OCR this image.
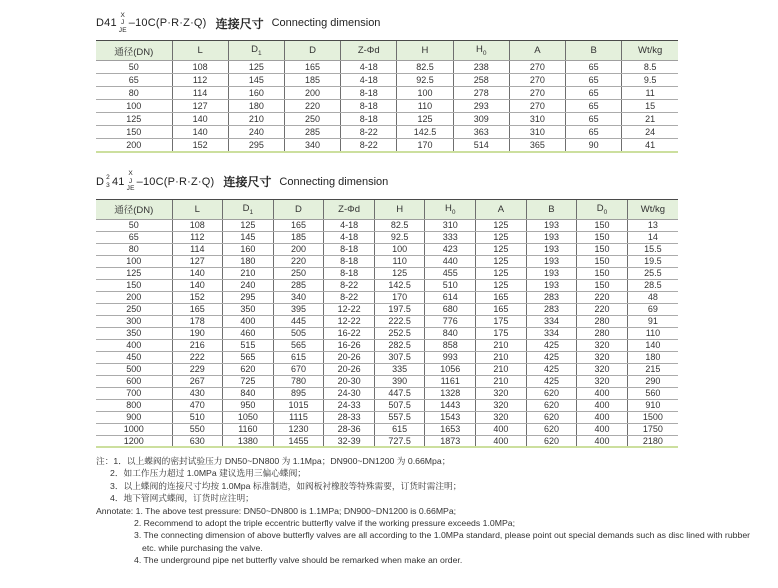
D41
X
J
JE
–10C(P·R·Z·Q) 连接尺寸 Connecting dimension
通径(DN)	L	$D_1$	D	Z-Φd	H	$H_0$	A	B	Wt/kg
50	108	125	165	4-18	82.5	238	270	65	8.5
65	112	145	185	4-18	92.5	258	270	65	9.5
80	114	160	200	8-18	100	278	270	65	11
100	127	180	220	8-18	110	293	270	65	15
125	140	210	250	8-18	125	309	310	65	21
150	140	240	285	8-22	142.5	363	310	65	24
200	152	295	340	8-22	170	514	365	90	41
D 2
3 41
X
J
JE
–10C(P·R·Z·Q) 连接尺寸 Connecting dimension
通径(DN)	L	$D_1$	D	Z-Φd	H	$H_0$	A	B	$D_0$	Wt/kg
50	108	125	165	4-18	82.5	310	125	193	150	13
65	112	145	185	4-18	92.5	333	125	193	150	14
80	114	160	200	8-18	100	423	125	193	150	15.5
100	127	180	220	8-18	110	440	125	193	150	19.5
125	140	210	250	8-18	125	455	125	193	150	25.5
150	140	240	285	8-22	142.5	510	125	193	150	28.5
200	152	295	340	8-22	170	614	165	283	220	48
250	165	350	395	12-22	197.5	680	165	283	220	69
300	178	400	445	12-22	222.5	776	175	334	280	91
350	190	460	505	16-22	252.5	840	175	334	280	110
400	216	515	565	16-26	282.5	858	210	425	320	140
450	222	565	615	20-26	307.5	993	210	425	320	180
500	229	620	670	20-26	335	1056	210	425	320	215
600	267	725	780	20-30	390	1161	210	425	320	290
700	430	840	895	24-30	447.5	1328	320	620	400	560
800	470	950	1015	24-33	507.5	1443	320	620	400	910
900	510	1050	1115	28-33	557.5	1543	320	620	400	1500
1000	550	1160	1230	28-36	615	1653	400	620	400	1750
1200	630	1380	1455	32-39	727.5	1873	400	620	400	2180
注：1．以上蝶阀的密封试验压力 DN50~DN800 为 1.1Mpa；DN900~DN1200 为 0.66Mpa；
2．如工作压力超过 1.0MPa 建议选用三偏心蝶阀；
3．以上蝶阀的连接尺寸均按 1.0Mpa 标准制造，如阀板衬橡胶等特殊需要，订货时需注明；
4．地下管网式蝶阀，订货时应注明；
Annotate: 1. The above test pressure: DN50~DN800 is 1.1MPa; DN900~DN1200 is 0.66MPa;
2. Recommend to adopt the triple eccentric butterfly valve if the working pressure exceeds 1.0MPa;
3. The connecting dimension of above butterfly valves are all according to the 1.0MPa standard, please point out special demands such as disc lined with rubber
etc. while purchasing the valve.
4. The underground pipe net butterfly valve should be remarked when make an order.
